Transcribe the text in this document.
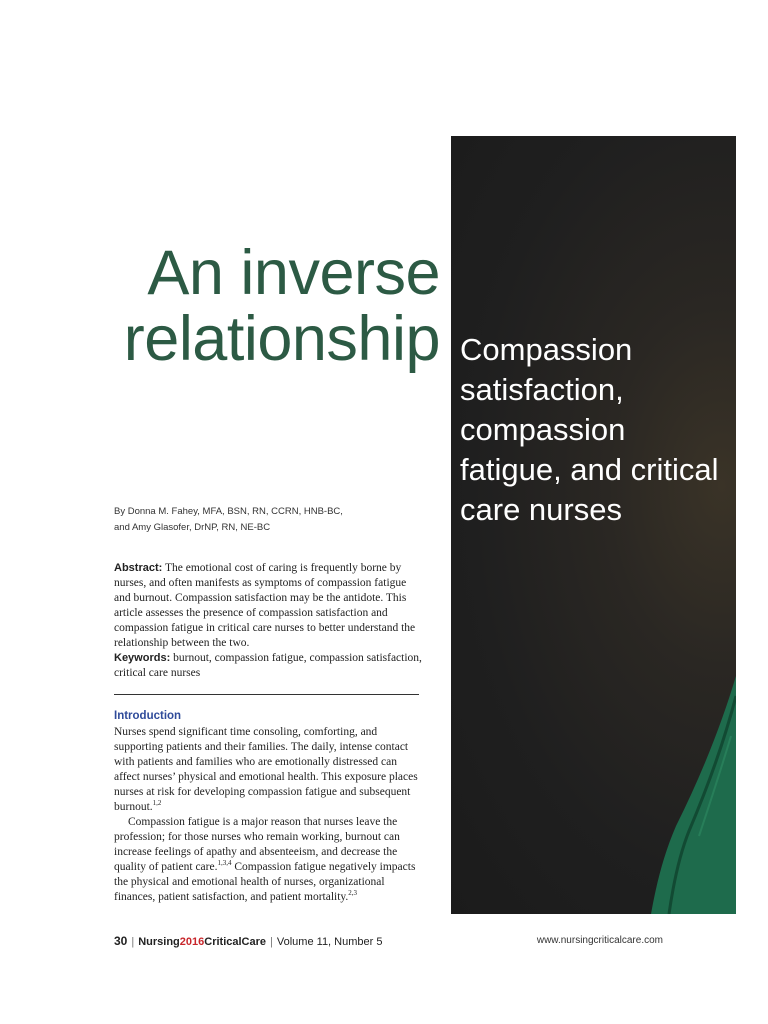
An inverse
relationship Compassion satisfaction, compassion fatigue, and critical care nurses
By Donna M. Fahey, MFA, BSN, RN, CCRN, HNB-BC,
and Amy Glasofer, DrNP, RN, NE-BC
Abstract: The emotional cost of caring is frequently borne by nurses, and often manifests as symptoms of compassion fatigue and burnout. Compassion satisfaction may be the antidote. This article assesses the presence of compassion satisfaction and compassion fatigue in critical care nurses to better understand the relationship between the two.
Keywords: burnout, compassion fatigue, compassion satisfaction, critical care nurses
Introduction

Nurses spend significant time consoling, comforting, and supporting patients and their families. The daily, intense contact with patients and families who are emotionally distressed can affect nurses’ physical and emotional health. This exposure places nurses at risk for developing compassion fatigue and subsequent burnout.$^{1,2}$

Compassion fatigue is a major reason that nurses leave the profession; for those nurses who remain working, burnout can increase feelings of apathy and absenteeism, and decrease the quality of patient care.$^{1,3,4}$ Compassion fatigue negatively impacts the physical and emotional health of nurses, organizational finances, patient satisfaction, and patient mortality.$^{2,3}$

30 | Nursing2016CriticalCare | Volume 11, Number 5	www.nursingcriticalcare.com
